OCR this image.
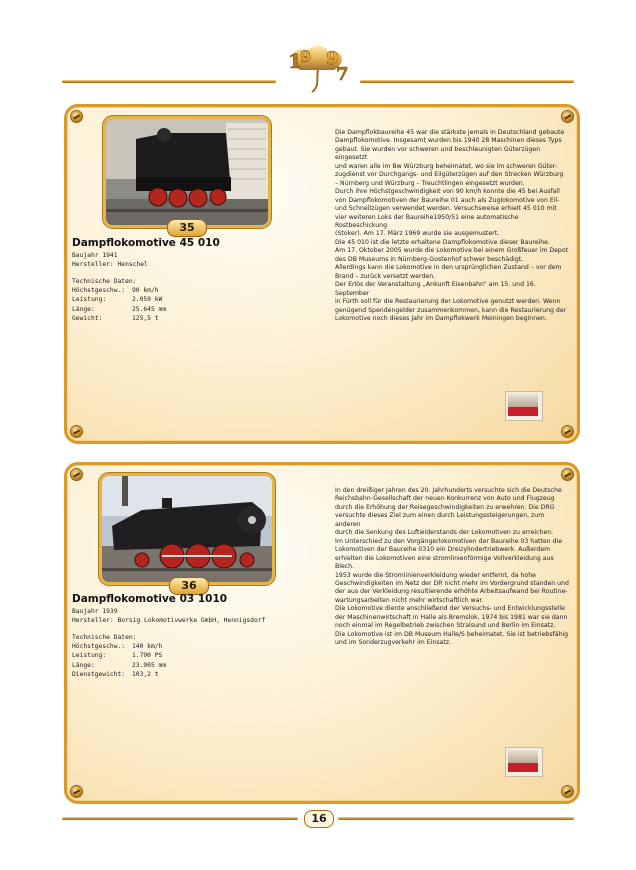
1
9 9
7
35
Dampflokomotive 45 010
Baujahr 1941
Hersteller: Henschel
Technische Daten:
Höchstgeschw.:	90 km/h
Leistung:	2.059 kW
Länge:	25.645 mm
Gewicht:	125,5 t

Die Dampflokbaureihe 45 war die stärkste jemals in Deutschland gebaute

Dampflokomotive. Insgesamt wurden bis 1940 28 Maschinen dieses Typs

gebaut. Sie wurden vor schweren und beschleunigten Güterzügen eingesetzt

und waren alle im Bw Würzburg beheimatet, wo sie im schweren Güter-

zugdienst vor Durchgangs- und Eilgüterzügen auf den Strecken Würzburg

– Nürnberg und Würzburg – Treuchtlingen eingesetzt wurden.

Durch ihre Höchstgeschwindigkeit von 90 km/h konnte die 45 bei Ausfall

von Dampflokomotiven der Baureihe 01 auch als Zuglokomotive von Eil-

und Schnellzügen verwendet werden. Versuchsweise erhielt 45 010 mit

vier weiteren Loks der Baureihe1950/51 eine automatische Rostbeschickung

(Stoker). Am 17. März 1969 wurde sie ausgemustert.

Die 45 010 ist die letzte erhaltene Dampflokomotive dieser Baureihe.

Am 17. Oktober 2005 wurde die Lokomotive bei einem Großfeuer im Depot

des DB Museums in Nürnberg-Gostenhof schwer beschädigt.

Allerdings kann die Lokomotive in den ursprünglichen Zustand – vor dem

Brand – zurück versetzt werden.

Der Erlös der Veranstaltung „Ankunft Eisenbahn“ am 15. und 16. September

in Fürth soll für die Restaurierung der Lokomotive genutzt werden. Wenn

genügend Spendengelder zusammenkommen, kann die Restaurierung der

Lokomotive noch dieses Jahr im Dampflokwerk Meiningen beginnen.

36
Dampflokomotive 03 1010
Baujahr 1939
Hersteller: Borsig Lokomotivwerke GmbH, Hennigsdorf
Technische Daten:
Höchstgeschw.:	140 km/h
Leistung:	1.790 PS
Länge:	23.905 mm
Dienstgewicht:	103,2 t

In den dreißiger Jahren des 20. Jahrhunderts versuchte sich die Deutsche

Reichsbahn-Gesellschaft der neuen Konkurrenz von Auto und Flugzeug

durch die Erhöhung der Reisegeschwindigkeiten zu erwehren. Die DRG

versuchte dieses Ziel zum einen durch Leistungssteigerungen, zum anderen

durch die Senkung des Luftwiderstands der Lokomotiven zu erreichen.

Im Unterschied zu den Vorgängerlokomotiven der Baureihe 03 hatten die

Lokomotiven der Baureihe 0310 ein Dreizylindertriebwerk. Außerdem

erhielten die Lokomotiven eine stromlinienförmige Vollverkleidung aus

Blech.

1953 wurde die Stromlinienverkleidung wieder entfernt, da hohe

Geschwindigkeiten im Netz der DR nicht mehr im Vordergrund standen und

der aus der Verkleidung resultierende erhöhte Arbeitsaufwand bei Routine-

wartungsarbeiten nicht mehr wirtschaftlich war.

Die Lokomotive diente anschließend der Versuchs- und Entwicklungsstelle

der Maschinenwirtschaft in Halle als Bremslok, 1974 bis 1981 war sie dann

noch einmal im Regelbetrieb zwischen Stralsund und Berlin im Einsatz.

Die Lokomotive ist im DB Museum Halle/S beheimatet. Sie ist betriebsfähig

und im Sonderzugverkehr im Einsatz.

16
